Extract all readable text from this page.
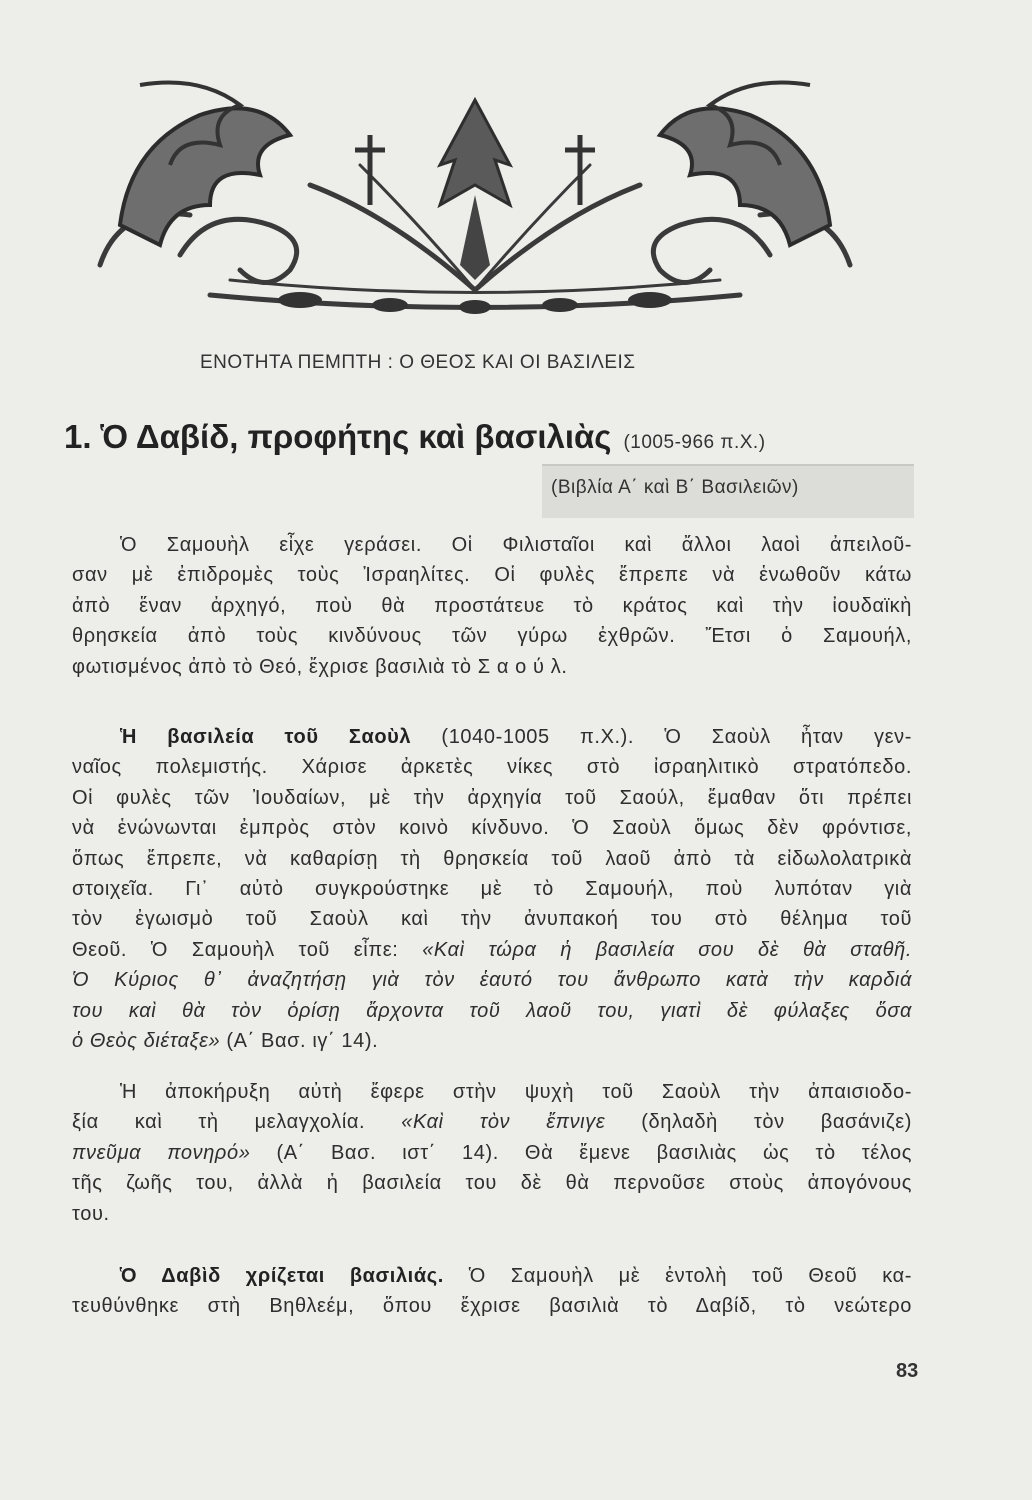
ΕΝΟΤΗΤΑ ΠΕΜΠΤΗ : Ο ΘΕΟΣ ΚΑΙ ΟΙ ΒΑΣΙΛΕΙΣ
1. Ὁ Δαβίδ, προφήτης καὶ βασιλιὰς (1005-966 π.Χ.)
(Βιβλία Α΄ καὶ Β΄ Βασιλειῶν)
Ὁ Σαμουὴλ εἶχε γεράσει. Οἱ Φιλισταῖοι καὶ ἄλλοι λαοὶ ἀπειλοῦ-
σαν μὲ ἐπιδρομὲς τοὺς Ἰσραηλίτες. Οἱ φυλὲς ἔπρεπε νὰ ἑνωθοῦν κάτω
ἀπὸ ἕναν ἀρχηγό, ποὺ θὰ προστάτευε τὸ κράτος καὶ τὴν ἰουδαϊκὴ
θρησκεία ἀπὸ τοὺς κινδύνους τῶν γύρω ἐχθρῶν. Ἔτσι ὁ Σαμουήλ,
φωτισμένος ἀπὸ τὸ Θεό, ἔχρισε βασιλιὰ τὸ Σ α ο ύ λ.
Ἡ βασιλεία τοῦ Σαοὺλ (1040-1005 π.Χ.). Ὁ Σαοὺλ ἦταν γεν-
ναῖος πολεμιστής. Χάρισε ἀρκετὲς νίκες στὸ ἰσραηλιτικὸ στρατόπεδο.
Οἱ φυλὲς τῶν Ἰουδαίων, μὲ τὴν ἀρχηγία τοῦ Σαούλ, ἔμαθαν ὅτι πρέπει
νὰ ἑνώνωνται ἐμπρὸς στὸν κοινὸ κίνδυνο. Ὁ Σαοὺλ ὅμως δὲν φρόντισε,
ὅπως ἔπρεπε, νὰ καθαρίσῃ τὴ θρησκεία τοῦ λαοῦ ἀπὸ τὰ εἰδωλολατρικὰ
στοιχεῖα. Γι᾽ αὐτὸ συγκρούστηκε μὲ τὸ Σαμουήλ, ποὺ λυπόταν γιὰ
τὸν ἐγωισμὸ τοῦ Σαοὺλ καὶ τὴν ἀνυπακοή του στὸ θέλημα τοῦ
Θεοῦ. Ὁ Σαμουὴλ τοῦ εἶπε: «Καὶ τώρα ἡ βασιλεία σου δὲ θὰ σταθῆ.
Ὁ Κύριος θ᾽ ἀναζητήσῃ γιὰ τὸν ἑαυτό του ἄνθρωπο κατὰ τὴν καρδιά
του καὶ θὰ τὸν ὁρίσῃ ἄρχοντα τοῦ λαοῦ του, γιατὶ δὲ φύλαξες ὅσα
ὁ Θεὸς διέταξε» (Α΄ Βασ. ιγ΄ 14).
Ἡ ἀποκήρυξη αὐτὴ ἔφερε στὴν ψυχὴ τοῦ Σαοὺλ τὴν ἀπαισιοδο-
ξία καὶ τὴ μελαγχολία. «Καὶ τὸν ἔπνιγε (δηλαδὴ τὸν βασάνιζε)
πνεῦμα πονηρό» (Α΄ Βασ. ιστ΄ 14). Θὰ ἔμενε βασιλιὰς ὡς τὸ τέλος
τῆς ζωῆς του, ἀλλὰ ἡ βασιλεία του δὲ θὰ περνοῦσε στοὺς ἀπογόνους
του.
Ὁ Δαβὶδ χρίζεται βασιλιάς. Ὁ Σαμουὴλ μὲ ἐντολὴ τοῦ Θεοῦ κα-
τευθύνθηκε στὴ Βηθλεέμ, ὅπου ἔχρισε βασιλιὰ τὸ Δαβίδ, τὸ νεώτερο
83
